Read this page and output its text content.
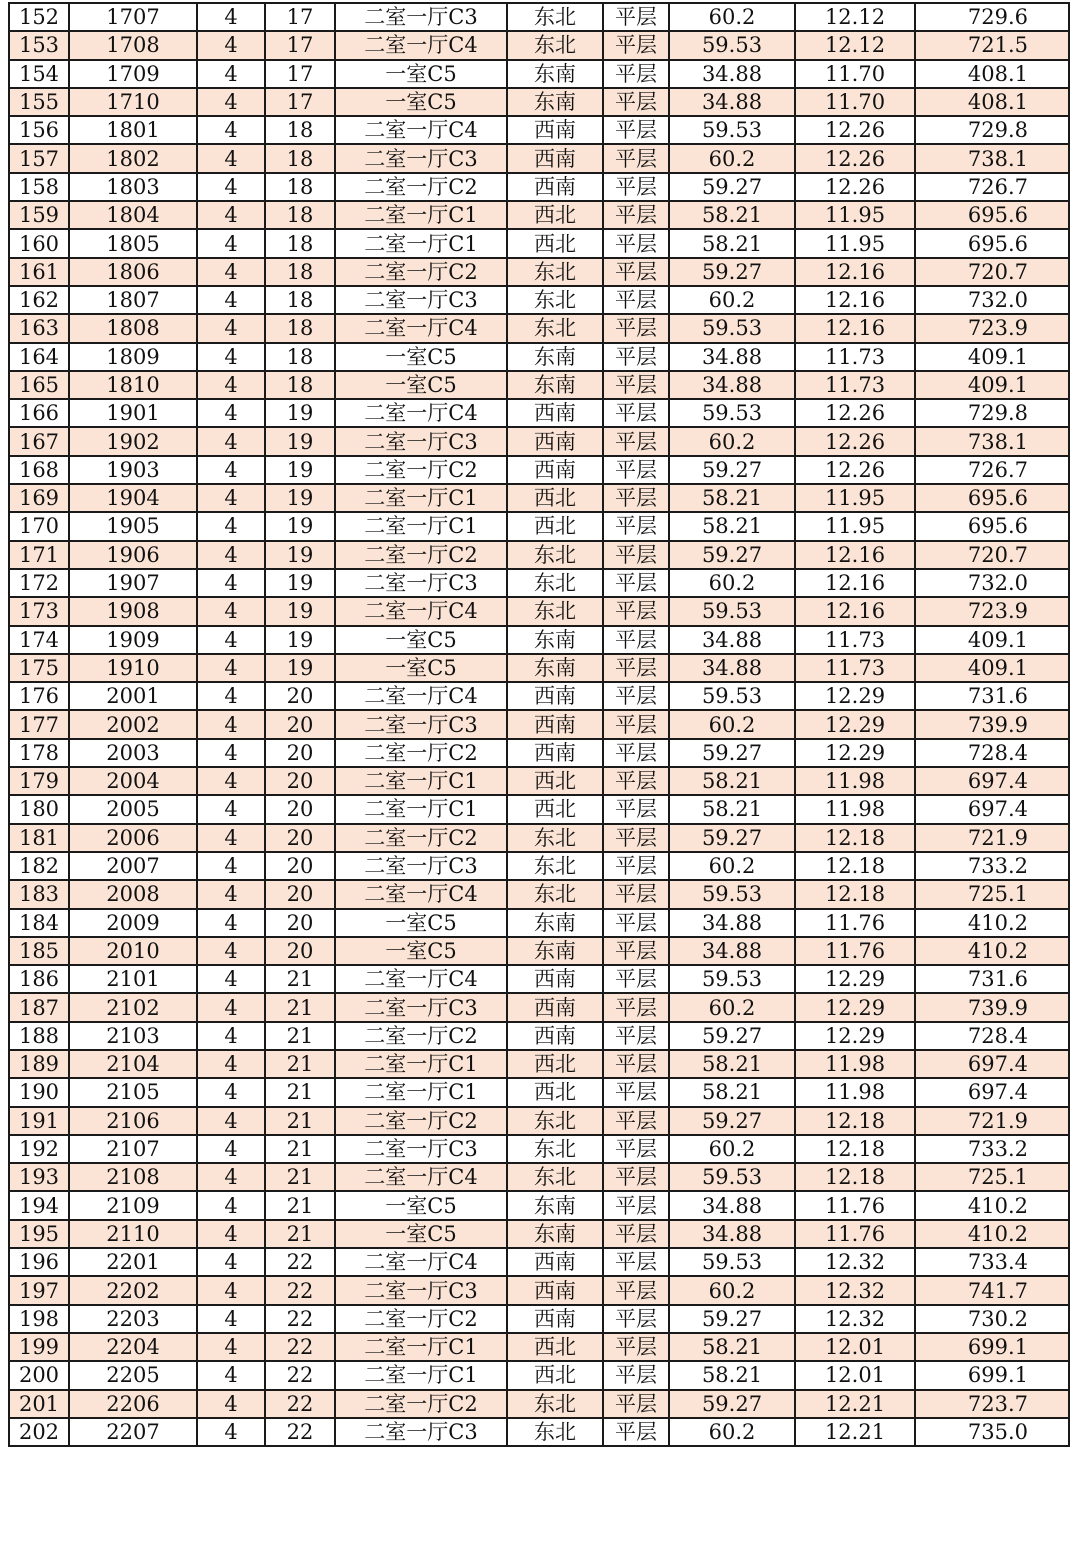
152	1707	4	17	二室一厅C3	东北	平层	60.2	12.12	729.6
153	1708	4	17	二室一厅C4	东北	平层	59.53	12.12	721.5
154	1709	4	17	一室C5	东南	平层	34.88	11.70	408.1
155	1710	4	17	一室C5	东南	平层	34.88	11.70	408.1
156	1801	4	18	二室一厅C4	西南	平层	59.53	12.26	729.8
157	1802	4	18	二室一厅C3	西南	平层	60.2	12.26	738.1
158	1803	4	18	二室一厅C2	西南	平层	59.27	12.26	726.7
159	1804	4	18	二室一厅C1	西北	平层	58.21	11.95	695.6
160	1805	4	18	二室一厅C1	西北	平层	58.21	11.95	695.6
161	1806	4	18	二室一厅C2	东北	平层	59.27	12.16	720.7
162	1807	4	18	二室一厅C3	东北	平层	60.2	12.16	732.0
163	1808	4	18	二室一厅C4	东北	平层	59.53	12.16	723.9
164	1809	4	18	一室C5	东南	平层	34.88	11.73	409.1
165	1810	4	18	一室C5	东南	平层	34.88	11.73	409.1
166	1901	4	19	二室一厅C4	西南	平层	59.53	12.26	729.8
167	1902	4	19	二室一厅C3	西南	平层	60.2	12.26	738.1
168	1903	4	19	二室一厅C2	西南	平层	59.27	12.26	726.7
169	1904	4	19	二室一厅C1	西北	平层	58.21	11.95	695.6
170	1905	4	19	二室一厅C1	西北	平层	58.21	11.95	695.6
171	1906	4	19	二室一厅C2	东北	平层	59.27	12.16	720.7
172	1907	4	19	二室一厅C3	东北	平层	60.2	12.16	732.0
173	1908	4	19	二室一厅C4	东北	平层	59.53	12.16	723.9
174	1909	4	19	一室C5	东南	平层	34.88	11.73	409.1
175	1910	4	19	一室C5	东南	平层	34.88	11.73	409.1
176	2001	4	20	二室一厅C4	西南	平层	59.53	12.29	731.6
177	2002	4	20	二室一厅C3	西南	平层	60.2	12.29	739.9
178	2003	4	20	二室一厅C2	西南	平层	59.27	12.29	728.4
179	2004	4	20	二室一厅C1	西北	平层	58.21	11.98	697.4
180	2005	4	20	二室一厅C1	西北	平层	58.21	11.98	697.4
181	2006	4	20	二室一厅C2	东北	平层	59.27	12.18	721.9
182	2007	4	20	二室一厅C3	东北	平层	60.2	12.18	733.2
183	2008	4	20	二室一厅C4	东北	平层	59.53	12.18	725.1
184	2009	4	20	一室C5	东南	平层	34.88	11.76	410.2
185	2010	4	20	一室C5	东南	平层	34.88	11.76	410.2
186	2101	4	21	二室一厅C4	西南	平层	59.53	12.29	731.6
187	2102	4	21	二室一厅C3	西南	平层	60.2	12.29	739.9
188	2103	4	21	二室一厅C2	西南	平层	59.27	12.29	728.4
189	2104	4	21	二室一厅C1	西北	平层	58.21	11.98	697.4
190	2105	4	21	二室一厅C1	西北	平层	58.21	11.98	697.4
191	2106	4	21	二室一厅C2	东北	平层	59.27	12.18	721.9
192	2107	4	21	二室一厅C3	东北	平层	60.2	12.18	733.2
193	2108	4	21	二室一厅C4	东北	平层	59.53	12.18	725.1
194	2109	4	21	一室C5	东南	平层	34.88	11.76	410.2
195	2110	4	21	一室C5	东南	平层	34.88	11.76	410.2
196	2201	4	22	二室一厅C4	西南	平层	59.53	12.32	733.4
197	2202	4	22	二室一厅C3	西南	平层	60.2	12.32	741.7
198	2203	4	22	二室一厅C2	西南	平层	59.27	12.32	730.2
199	2204	4	22	二室一厅C1	西北	平层	58.21	12.01	699.1
200	2205	4	22	二室一厅C1	西北	平层	58.21	12.01	699.1
201	2206	4	22	二室一厅C2	东北	平层	59.27	12.21	723.7
202	2207	4	22	二室一厅C3	东北	平层	60.2	12.21	735.0
